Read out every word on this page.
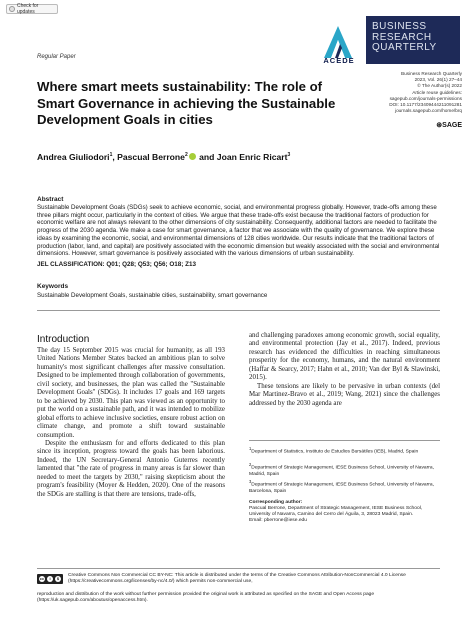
Check for updates
Regular Paper	ACEDE
BUSINESS
RESEARCH
QUARTERLY
Business Research Quarterly
2023, Vol. 26(1) 27–44
© The Author(s) 2022
Article reuse guidelines:
sagepub.com/journals-permissions
DOI: 10.1177/23409444211091281
journals.sagepub.com/home/brq
⊛SAGE
Where smart meets sustainability: The role of Smart Governance in achieving the Sustainable Development Goals in cities
Andrea Giuliodori$^1$, Pascual Berrone$^2$ and Joan Enric Ricart$^3$
Abstract
Sustainable Development Goals (SDGs) seek to achieve economic, social, and environmental progress globally. However, trade-offs among these three pillars might occur, particularly in the context of cities. We argue that these trade-offs exist because the traditional factors of production for economic welfare are not always relevant to the other dimensions of city sustainability. Consequently, additional factors are needed to facilitate the progress of the 2030 agenda. We make a case for smart governance, a factor that we associate with the quality of governance. We explore these ideas by examining the economic, social, and environmental dimensions of 128 cities worldwide. Our results indicate that the traditional factors of production (labor, land, and capital) are positively associated with the economic dimension but weakly associated with the social and environmental dimensions. However, smart governance is positively associated with the various dimensions of urban sustainability.
JEL CLASSIFICATION: Q01; Q28; Q53; Q56; O18; Z13
Keywords
Sustainable Development Goals, sustainable cities, sustainability, smart governance
Introduction

The day 15 September 2015 was crucial for humanity, as all 193 United Nations Member States backed an ambitious plan to solve humanity's most significant challenges after massive consultation. Designed to be implemented through collaboration of governments, civil society, and businesses, the plan was called the "Sustainable Development Goals" (SDGs). It includes 17 goals and 169 targets to be achieved by 2030. This plan was viewed as an opportunity to put the world on a sustainable path, and it was intended to mobilize global efforts to achieve inclusive societies, ensure robust action on climate change, and promote a shift toward sustainable consumption.

Despite the enthusiasm for and efforts dedicated to this plan since its inception, progress toward the goals has been laborious. Indeed, the UN Secretary-General Antonio Guterres recently lamented that "the rate of progress in many areas is far slower than needed to meet the targets by 2030," raising skepticism about the program's feasibility (Moyer & Hedden, 2020). One of the reasons the SDGs are stalling is that there are tensions, trade-offs,

and challenging paradoxes among economic growth, social equality, and environmental protection (Jay et al., 2017). Indeed, previous research has evidenced the difficulties in reaching simultaneous prosperity for the economy, humans, and the natural environment (Haffar & Searcy, 2017; Hahn et al., 2010; Van der Byl & Slawinski, 2015).

These tensions are likely to be pervasive in urban contexts (del Mar Martinez-Bravo et al., 2019; Wang, 2021) since the challenges addressed by the 2030 agenda are

$^1$Department of Statistics, Instituto de Estudios Bursátiles (IEB), Madrid, Spain
$^2$Department of Strategic Management, IESE Business School, University of Navarra, Madrid, Spain
$^3$Department of Strategic Management, IESE Business School, University of Navarra, Barcelona, Spain
Corresponding author:
Pascual Berrone, Department of Strategic Management, IESE Business School, University of Navarra, Camino del Cerro del Águila, 3, 28023 Madrid, Spain.
Email: pberrone@iese.edu
cc	i	$
Creative Commons Non Commercial CC BY-NC: This article is distributed under the terms of the Creative Commons Attribution-NonCommercial 4.0 License (https://creativecommons.org/licenses/by-nc/4.0/) which permits non-commercial use,
reproduction and distribution of the work without further permission provided the original work is attributed as specified on the SAGE and Open Access page (https://uk.sagepub.com/aboutus/openaccess.htm).
